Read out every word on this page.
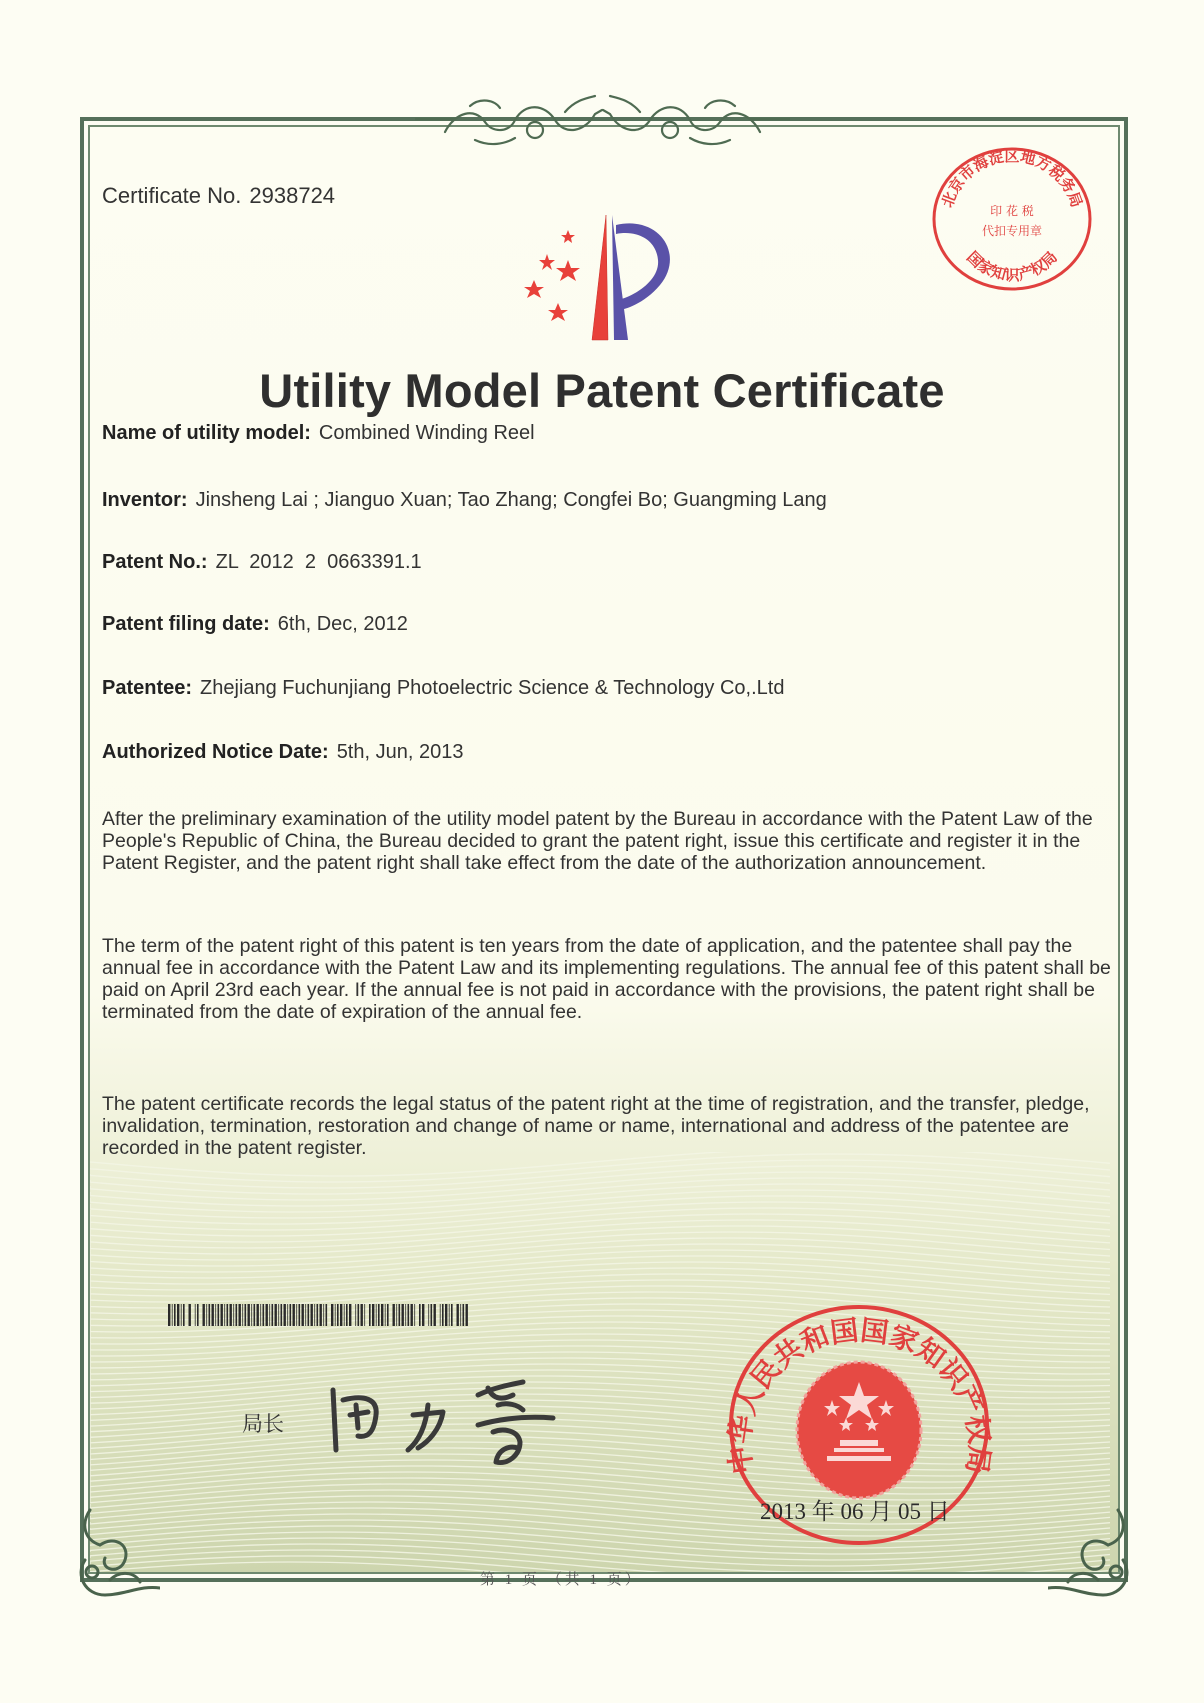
Certificate No. 2938724	北京市海淀区地方税务局
国家知识产权局
印 花 税
代扣专用章
Utility Model Patent Certificate
Name of utility model: Combined Winding Reel
Inventor: Jinsheng Lai ; Jianguo Xuan; Tao Zhang; Congfei Bo; Guangming Lang
Patent No.: ZL  2012  2  0663391.1
Patent filing date: 6th, Dec, 2012
Patentee: Zhejiang Fuchunjiang Photoelectric Science & Technology Co,.Ltd
Authorized Notice Date: 5th, Jun, 2013
After the preliminary examination of the utility model patent by the Bureau in accordance with the Patent Law of the People's Republic of China, the Bureau decided to grant the patent right, issue this certificate and register it in the Patent Register, and the patent right shall take effect from the date of the authorization announcement.
The term of the patent right of this patent is ten years from the date of application, and the patentee shall pay the annual fee in accordance with the Patent Law and its implementing regulations. The annual fee of this patent shall be paid on April 23rd each year. If the annual fee is not paid in accordance with the provisions, the patent right shall be terminated from the date of expiration of the annual fee.
The patent certificate records the legal status of the patent right at the time of registration, and the transfer, pledge, invalidation, termination, restoration and change of name or name, international and address of the patentee are recorded in the patent register.
局长
中华人民共和国国家知识产权局
2013 年 06 月 05 日
第 1 页 （共 1 页）
